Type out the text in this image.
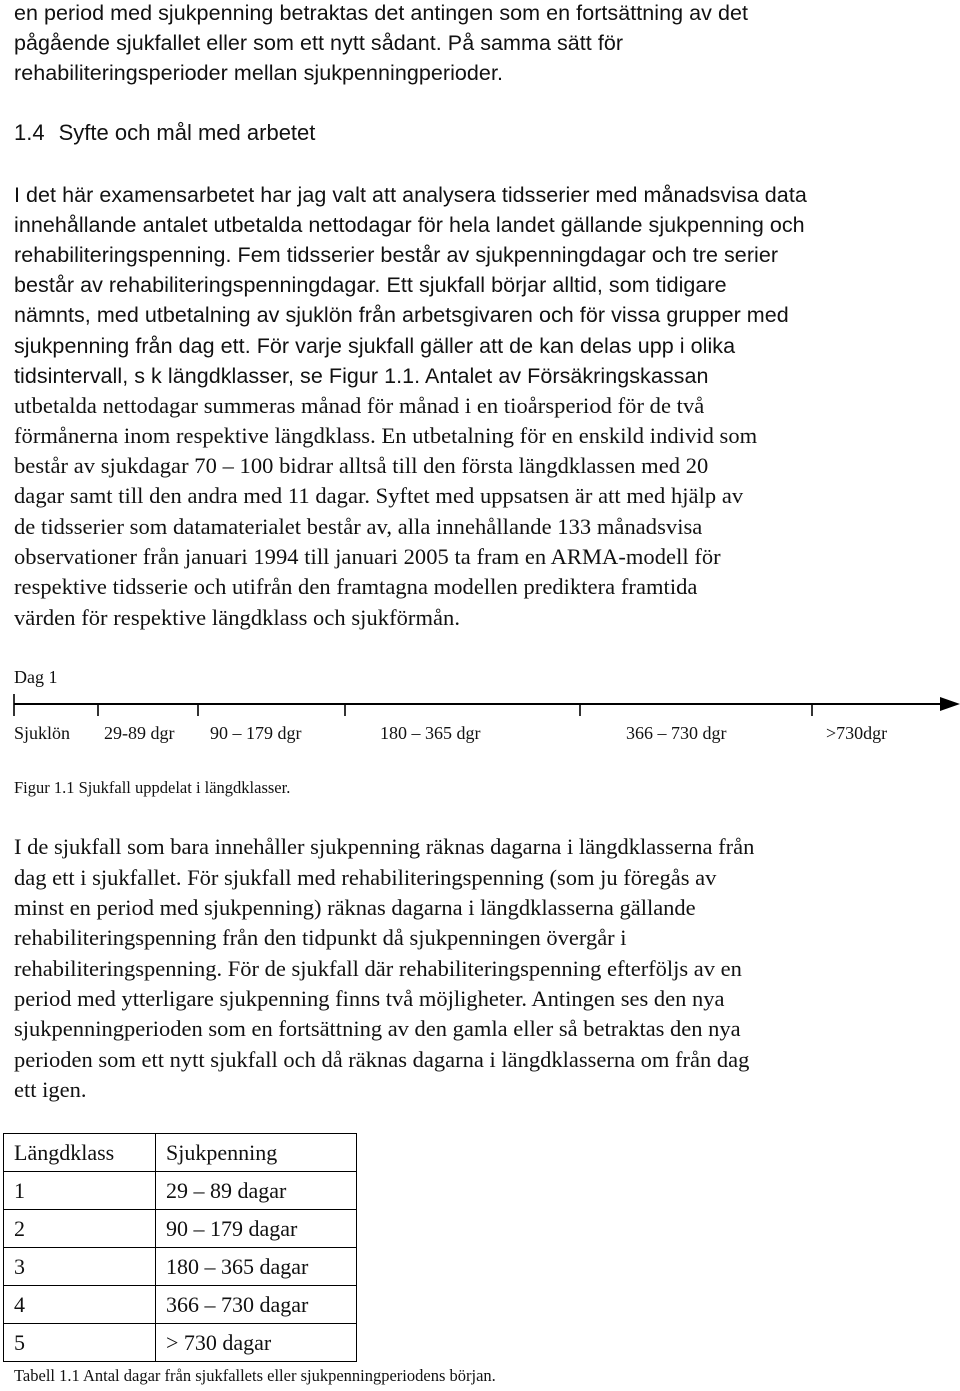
en period med sjukpenning betraktas det antingen som en fortsättning av det
pågående sjukfallet eller som ett nytt sådant. På samma sätt för
rehabiliteringsperioder mellan sjukpenningperioder.
1.4 Syfte och mål med arbetet
I det här examensarbetet har jag valt att analysera tidsserier med månadsvisa data
innehållande antalet utbetalda nettodagar för hela landet gällande sjukpenning och
rehabiliteringspenning. Fem tidsserier består av sjukpenningdagar och tre serier
består av rehabiliteringspenningdagar. Ett sjukfall börjar alltid, som tidigare
nämnts, med utbetalning av sjuklön från arbetsgivaren och för vissa grupper med
sjukpenning från dag ett. För varje sjukfall gäller att de kan delas upp i olika
tidsintervall, s k längdklasser, se Figur 1.1. Antalet av Försäkringskassan
utbetalda nettodagar summeras månad för månad i en tioårsperiod för de två
förmånerna inom respektive längdklass. En utbetalning för en enskild individ som
består av sjukdagar 70 – 100 bidrar alltså till den första längdklassen med 20
dagar samt till den andra med 11 dagar. Syftet med uppsatsen är att med hjälp av
de tidsserier som datamaterialet består av, alla innehållande 133 månadsvisa
observationer från januari 1994 till januari 2005 ta fram en ARMA-modell för
respektive tidsserie och utifrån den framtagna modellen prediktera framtida
värden för respektive längdklass och sjukförmån.
Dag 1
Sjuklön 29-89 dgr 90 – 179 dgr	180 – 365 dgr	366 – 730 dgr	>730dgr
Figur 1.1 Sjukfall uppdelat i längdklasser.
I de sjukfall som bara innehåller sjukpenning räknas dagarna i längdklasserna från
dag ett i sjukfallet. För sjukfall med rehabiliteringspenning (som ju föregås av
minst en period med sjukpenning) räknas dagarna i längdklasserna gällande
rehabiliteringspenning från den tidpunkt då sjukpenningen övergår i
rehabiliteringspenning. För de sjukfall där rehabiliteringspenning efterföljs av en
period med ytterligare sjukpenning finns två möjligheter. Antingen ses den nya
sjukpenningperioden som en fortsättning av den gamla eller så betraktas den nya
perioden som ett nytt sjukfall och då räknas dagarna i längdklasserna om från dag
ett igen.
Längdklass	Sjukpenning
1	29 – 89 dagar
2	90 – 179 dagar
3	180 – 365 dagar
4	366 – 730 dagar
5	> 730 dagar
Tabell 1.1 Antal dagar från sjukfallets eller sjukpenningperiodens början.
